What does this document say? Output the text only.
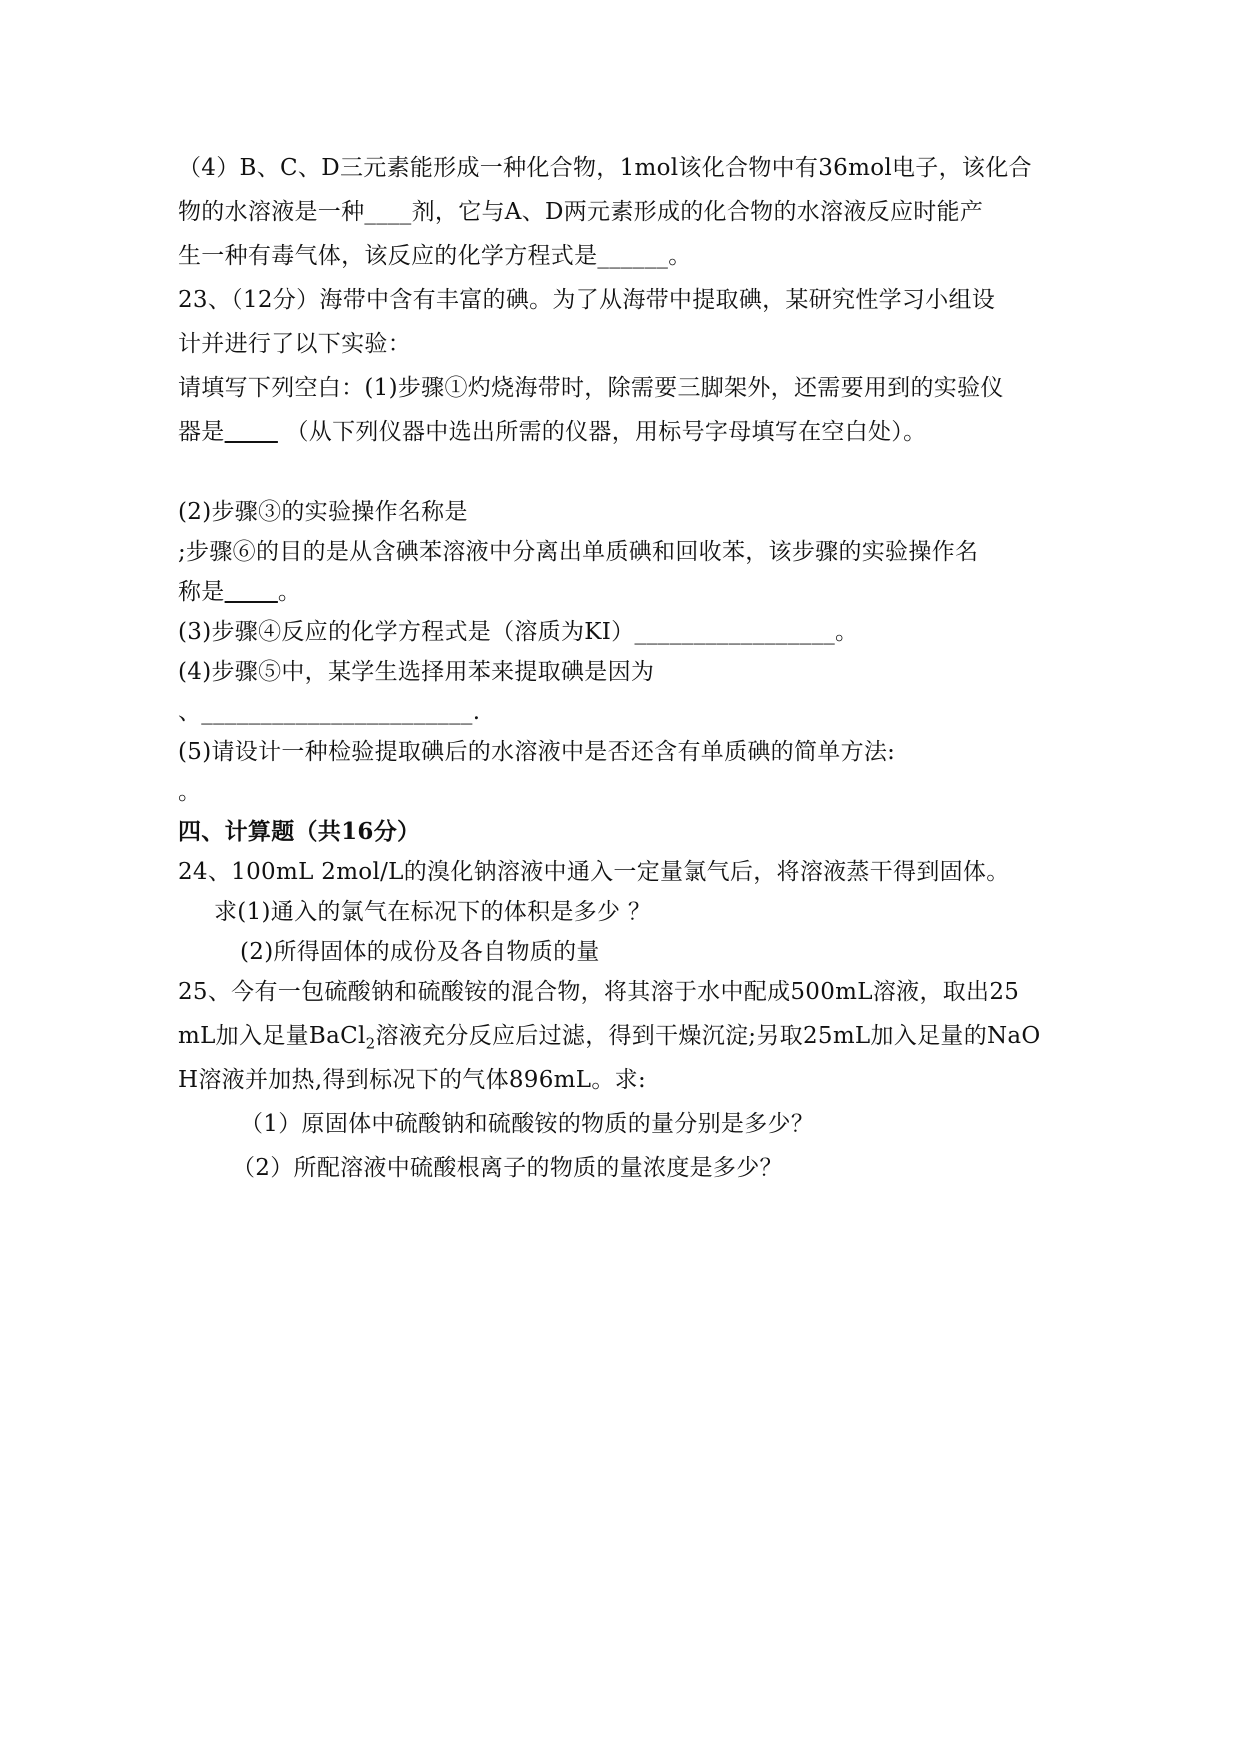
（4）B、C、D三元素能形成一种化合物，1mol该化合物中有36mol电子，该化合
物的水溶液是一种____剂，它与A、D两元素形成的化合物的水溶液反应时能产
生一种有毒气体，该反应的化学方程式是______。
23、（12分）海带中含有丰富的碘。为了从海带中提取碘，某研究性学习小组设
计并进行了以下实验：
请填写下列空白：(1)步骤①灼烧海带时，除需要三脚架外，还需要用到的实验仪
器是        （从下列仪器中选出所需的仪器，用标号字母填写在空白处）。
(2)步骤③的实验操作名称是
;步骤⑥的目的是从含碘苯溶液中分离出单质碘和回收苯，该步骤的实验操作名
称是 。
(3)步骤④反应的化学方程式是（溶质为KI）_________________。
(4)步骤⑤中，某学生选择用苯来提取碘是因为
、_______________________.
(5)请设计一种检验提取碘后的水溶液中是否还含有单质碘的简单方法:
。
四、计算题（共16分）
24、100mL 2mol/L的溴化钠溶液中通入一定量氯气后，将溶液蒸干得到固体。
求(1)通入的氯气在标况下的体积是多少 ？
(2)所得固体的成份及各自物质的量
25、今有一包硫酸钠和硫酸铵的混合物，将其溶于水中配成500mL溶液，取出25
mL加入足量BaCl$_2$溶液充分反应后过滤，得到干燥沉淀;另取25mL加入足量的NaO
H溶液并加热,得到标况下的气体896mL。求:
（1）原固体中硫酸钠和硫酸铵的物质的量分别是多少？
（2）所配溶液中硫酸根离子的物质的量浓度是多少？
